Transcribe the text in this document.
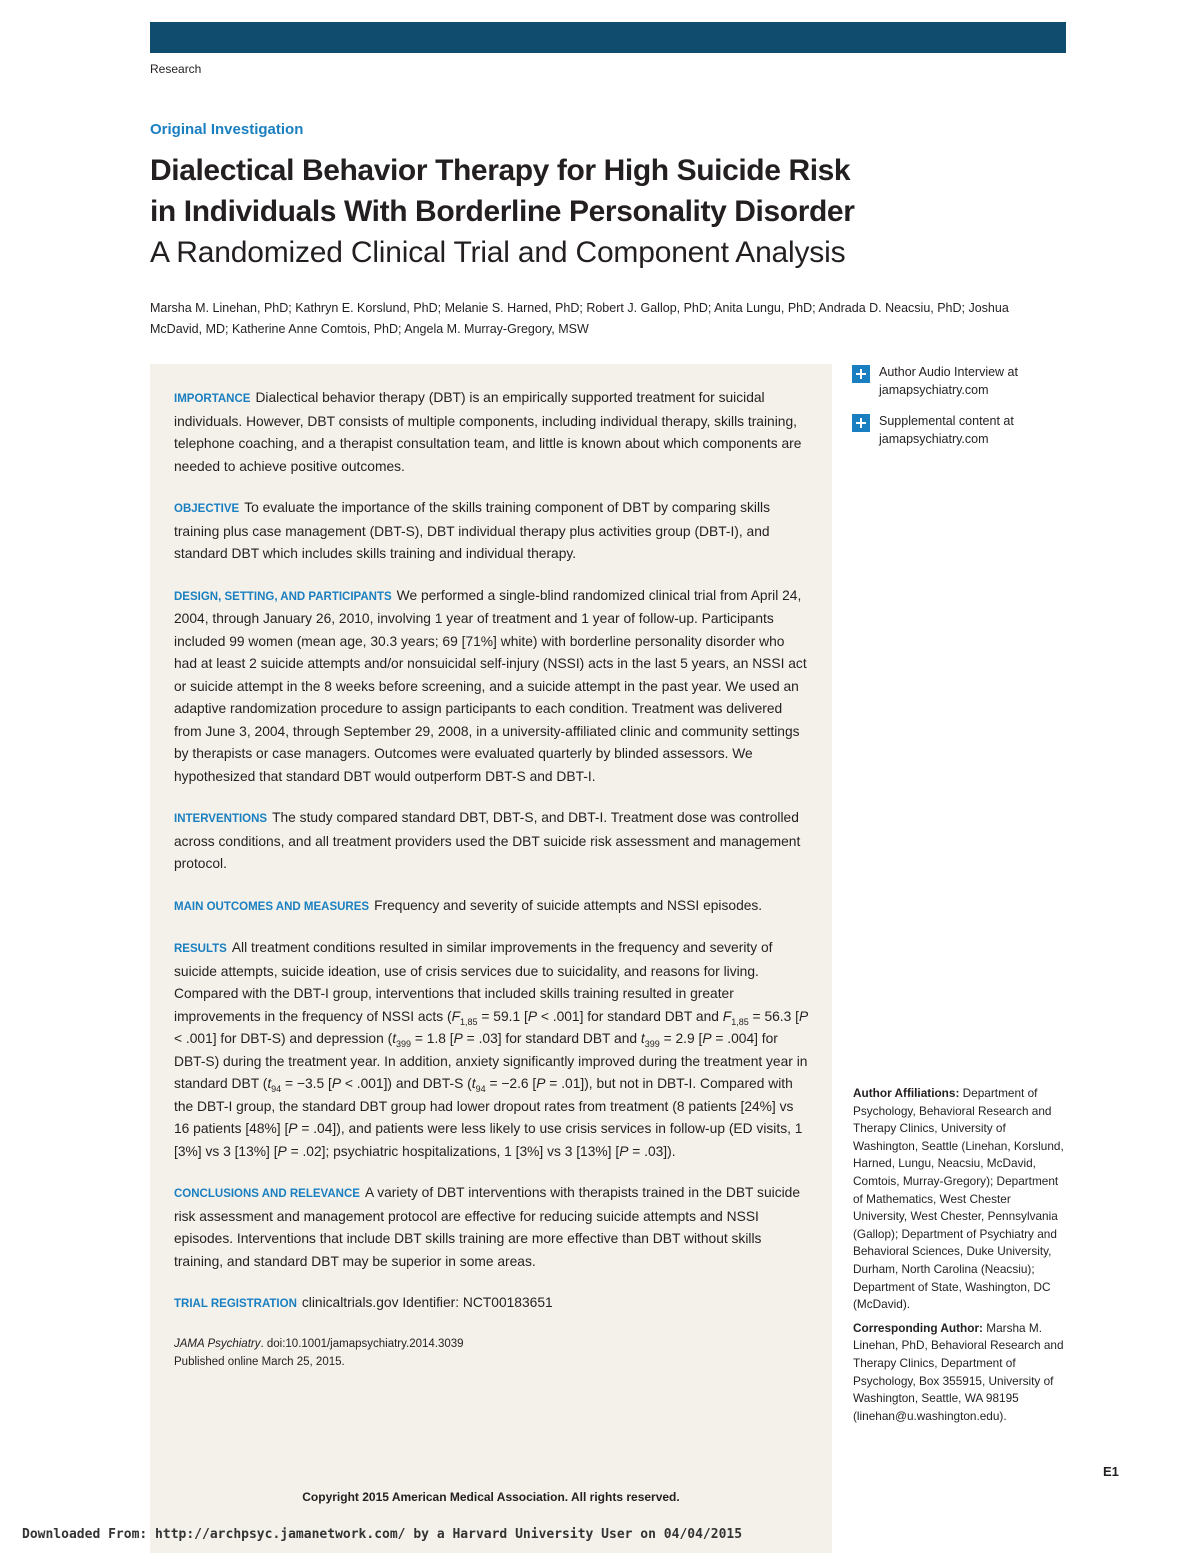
Research
Original Investigation
Dialectical Behavior Therapy for High Suicide Risk
in Individuals With Borderline Personality Disorder
A Randomized Clinical Trial and Component Analysis
Marsha M. Linehan, PhD; Kathryn E. Korslund, PhD; Melanie S. Harned, PhD; Robert J. Gallop, PhD; Anita Lungu, PhD; Andrada D. Neacsiu, PhD; Joshua McDavid, MD; Katherine Anne Comtois, PhD; Angela M. Murray-Gregory, MSW
Author Audio Interview at
jamapsychiatry.com
Supplemental content at
jamapsychiatry.com

IMPORTANCE Dialectical behavior therapy (DBT) is an empirically supported treatment for suicidal individuals. However, DBT consists of multiple components, including individual therapy, skills training, telephone coaching, and a therapist consultation team, and little is known about which components are needed to achieve positive outcomes.

OBJECTIVE To evaluate the importance of the skills training component of DBT by comparing skills training plus case management (DBT-S), DBT individual therapy plus activities group (DBT-I), and standard DBT which includes skills training and individual therapy.

DESIGN, SETTING, AND PARTICIPANTS We performed a single-blind randomized clinical trial from April 24, 2004, through January 26, 2010, involving 1 year of treatment and 1 year of follow-up. Participants included 99 women (mean age, 30.3 years; 69 [71%] white) with borderline personality disorder who had at least 2 suicide attempts and/or nonsuicidal self-injury (NSSI) acts in the last 5 years, an NSSI act or suicide attempt in the 8 weeks before screening, and a suicide attempt in the past year. We used an adaptive randomization procedure to assign participants to each condition. Treatment was delivered from June 3, 2004, through September 29, 2008, in a university-affiliated clinic and community settings by therapists or case managers. Outcomes were evaluated quarterly by blinded assessors. We hypothesized that standard DBT would outperform DBT-S and DBT-I.

INTERVENTIONS The study compared standard DBT, DBT-S, and DBT-I. Treatment dose was controlled across conditions, and all treatment providers used the DBT suicide risk assessment and management protocol.

MAIN OUTCOMES AND MEASURES Frequency and severity of suicide attempts and NSSI episodes.

RESULTS All treatment conditions resulted in similar improvements in the frequency and severity of suicide attempts, suicide ideation, use of crisis services due to suicidality, and reasons for living. Compared with the DBT-I group, interventions that included skills training resulted in greater improvements in the frequency of NSSI acts ($F_{1,85} = 59.1$ [P < .001] for standard DBT and $F_{1,85} = 56.3$ [P < .001] for DBT-S) and depression ($t_{399} = 1.8$ [P = .03] for standard DBT and $t_{399} = 2.9$ [P = .004] for DBT-S) during the treatment year. In addition, anxiety significantly improved during the treatment year in standard DBT ($t_{94} = -3.5$ [P < .001]) and DBT-S ($t_{94} = -2.6$ [P = .01]), but not in DBT-I. Compared with the DBT-I group, the standard DBT group had lower dropout rates from treatment (8 patients [24%] vs 16 patients [48%] [P = .04]), and patients were less likely to use crisis services in follow-up (ED visits, 1 [3%] vs 3 [13%] [P = .02]; psychiatric hospitalizations, 1 [3%] vs 3 [13%] [P = .03]).

CONCLUSIONS AND RELEVANCE A variety of DBT interventions with therapists trained in the DBT suicide risk assessment and management protocol are effective for reducing suicide attempts and NSSI episodes. Interventions that include DBT skills training are more effective than DBT without skills training, and standard DBT may be superior in some areas.

TRIAL REGISTRATION clinicaltrials.gov Identifier: NCT00183651

JAMA Psychiatry. doi:10.1001/jamapsychiatry.2014.3039
Published online March 25, 2015.
Copyright 2015 American Medical Association. All rights reserved.

Author Affiliations: Department of Psychology, Behavioral Research and Therapy Clinics, University of Washington, Seattle (Linehan, Korslund, Harned, Lungu, Neacsiu, McDavid, Comtois, Murray-Gregory); Department of Mathematics, West Chester University, West Chester, Pennsylvania (Gallop); Department of Psychiatry and Behavioral Sciences, Duke University, Durham, North Carolina (Neacsiu); Department of State, Washington, DC (McDavid).

Corresponding Author: Marsha M. Linehan, PhD, Behavioral Research and Therapy Clinics, Department of Psychology, Box 355915, University of Washington, Seattle, WA 98195 (linehan@u.washington.edu).

E1
Downloaded From: http://archpsyc.jamanetwork.com/ by a Harvard University User on 04/04/2015
